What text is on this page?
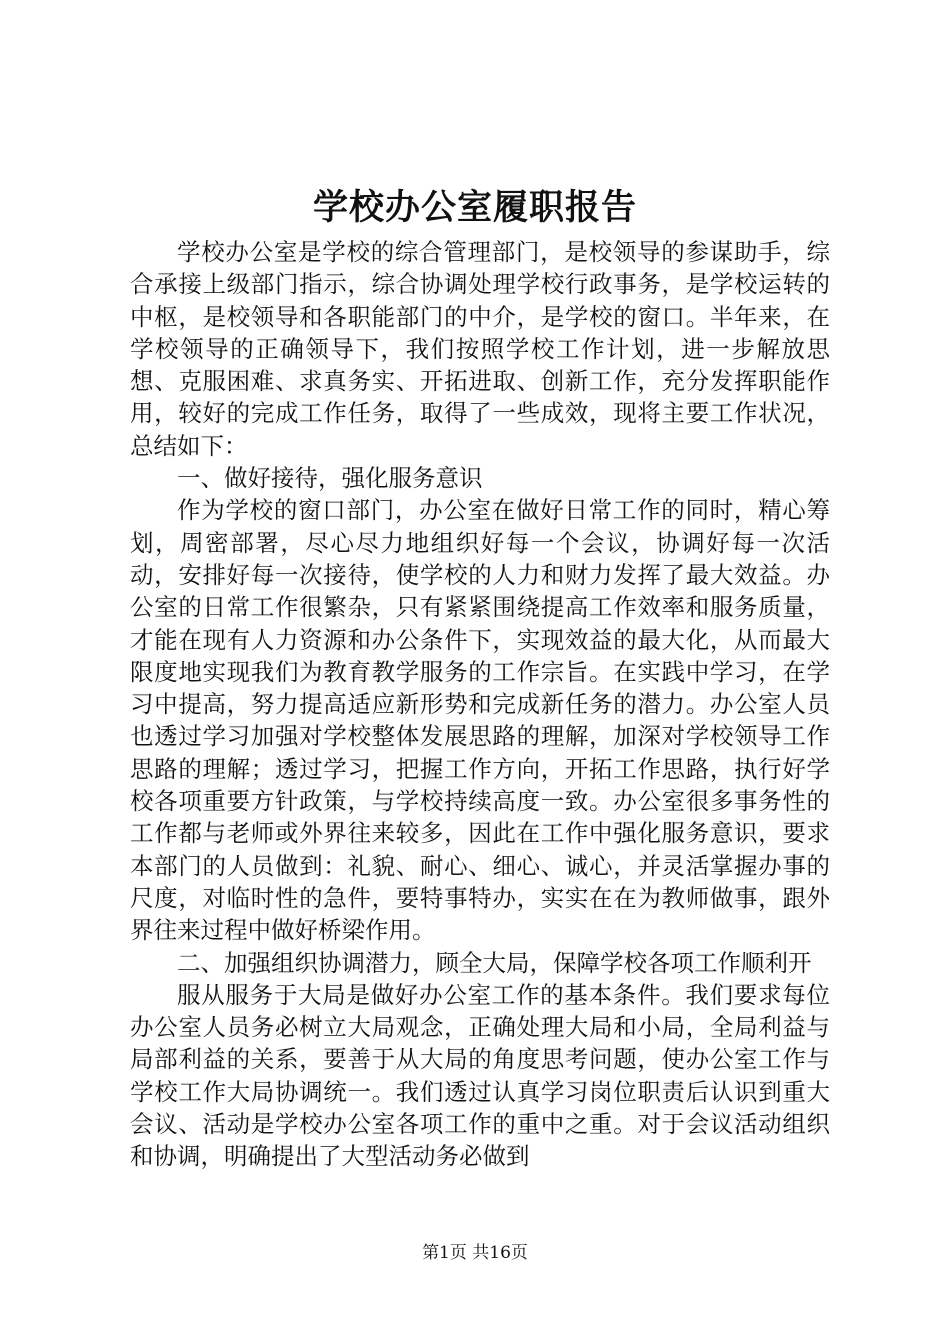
学校办公室履职报告

学校办公室是学校的综合管理部门，是校领导的参谋助手，综合承接上级部门指示，综合协调处理学校行政事务，是学校运转的中枢，是校领导和各职能部门的中介，是学校的窗口。半年来，在学校领导的正确领导下，我们按照学校工作计划，进一步解放思想、克服困难、求真务实、开拓进取、创新工作，充分发挥职能作用，较好的完成工作任务，取得了一些成效，现将主要工作状况，总结如下：

一、做好接待，强化服务意识

作为学校的窗口部门，办公室在做好日常工作的同时，精心筹划，周密部署，尽心尽力地组织好每一个会议，协调好每一次活动，安排好每一次接待，使学校的人力和财力发挥了最大效益。办公室的日常工作很繁杂，只有紧紧围绕提高工作效率和服务质量，才能在现有人力资源和办公条件下，实现效益的最大化，从而最大限度地实现我们为教育教学服务的工作宗旨。在实践中学习，在学习中提高，努力提高适应新形势和完成新任务的潜力。办公室人员也透过学习加强对学校整体发展思路的理解，加深对学校领导工作思路的理解；透过学习，把握工作方向，开拓工作思路，执行好学校各项重要方针政策，与学校持续高度一致。办公室很多事务性的工作都与老师或外界往来较多，因此在工作中强化服务意识，要求本部门的人员做到：礼貌、耐心、细心、诚心，并灵活掌握办事的尺度，对临时性的急件，要特事特办，实实在在为教师做事，跟外界往来过程中做好桥梁作用。

二、加强组织协调潜力，顾全大局，保障学校各项工作顺利开

服从服务于大局是做好办公室工作的基本条件。我们要求每位办公室人员务必树立大局观念，正确处理大局和小局，全局利益与局部利益的关系，要善于从大局的角度思考问题，使办公室工作与学校工作大局协调统一。我们透过认真学习岗位职责后认识到重大会议、活动是学校办公室各项工作的重中之重。对于会议活动组织和协调，明确提出了大型活动务必做到

第1页 共16页
